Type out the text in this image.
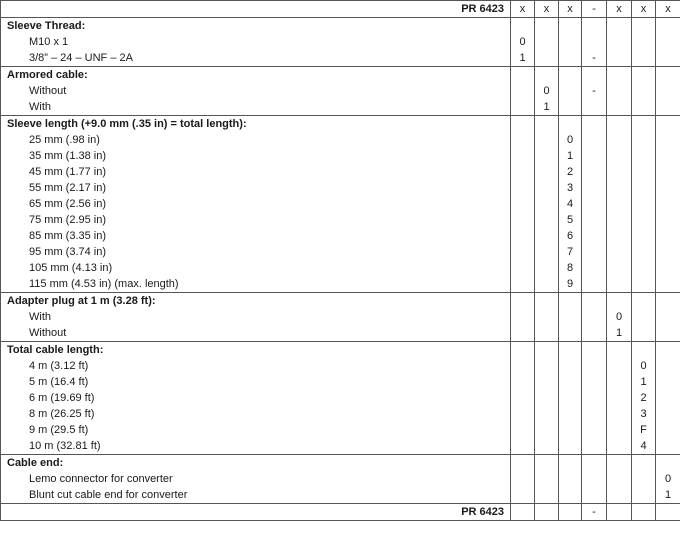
PR 6423	x	x	x	-	x	x	x
Sleeve Thread:							
M10 x 1	0						
3/8” – 24 – UNF – 2A	1			-			
Armored cable:							
Without		0		-			
With		1					
Sleeve length (+9.0 mm (.35 in) = total length):							
25 mm (.98 in)			0				
35 mm (1.38 in)			1				
45 mm (1.77 in)			2				
55 mm (2.17 in)			3				
65 mm (2.56 in)			4				
75 mm (2.95 in)			5				
85 mm (3.35 in)			6				
95 mm (3.74 in)			7				
105 mm (4.13 in)			8				
115 mm (4.53 in) (max. length)			9				
Adapter plug at 1 m (3.28 ft):							
With					0		
Without					1		
Total cable length:							
4 m (3.12 ft)						0	
5 m (16.4 ft)						1	
6 m (19.69 ft)						2	
8 m (26.25 ft)						3	
9 m (29.5 ft)						F	
10 m (32.81 ft)						4	
Cable end:							
Lemo connector for converter							0
Blunt cut cable end for converter							1
PR 6423				-			
